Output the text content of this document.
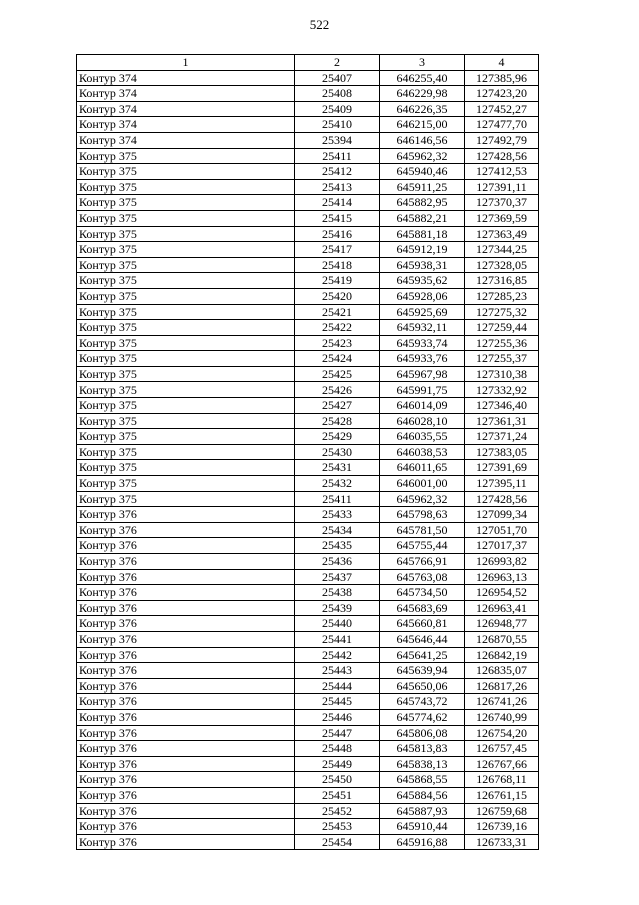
522
1	2	3	4
Контур 374	25407	646255,40	127385,96
Контур 374	25408	646229,98	127423,20
Контур 374	25409	646226,35	127452,27
Контур 374	25410	646215,00	127477,70
Контур 374	25394	646146,56	127492,79
Контур 375	25411	645962,32	127428,56
Контур 375	25412	645940,46	127412,53
Контур 375	25413	645911,25	127391,11
Контур 375	25414	645882,95	127370,37
Контур 375	25415	645882,21	127369,59
Контур 375	25416	645881,18	127363,49
Контур 375	25417	645912,19	127344,25
Контур 375	25418	645938,31	127328,05
Контур 375	25419	645935,62	127316,85
Контур 375	25420	645928,06	127285,23
Контур 375	25421	645925,69	127275,32
Контур 375	25422	645932,11	127259,44
Контур 375	25423	645933,74	127255,36
Контур 375	25424	645933,76	127255,37
Контур 375	25425	645967,98	127310,38
Контур 375	25426	645991,75	127332,92
Контур 375	25427	646014,09	127346,40
Контур 375	25428	646028,10	127361,31
Контур 375	25429	646035,55	127371,24
Контур 375	25430	646038,53	127383,05
Контур 375	25431	646011,65	127391,69
Контур 375	25432	646001,00	127395,11
Контур 375	25411	645962,32	127428,56
Контур 376	25433	645798,63	127099,34
Контур 376	25434	645781,50	127051,70
Контур 376	25435	645755,44	127017,37
Контур 376	25436	645766,91	126993,82
Контур 376	25437	645763,08	126963,13
Контур 376	25438	645734,50	126954,52
Контур 376	25439	645683,69	126963,41
Контур 376	25440	645660,81	126948,77
Контур 376	25441	645646,44	126870,55
Контур 376	25442	645641,25	126842,19
Контур 376	25443	645639,94	126835,07
Контур 376	25444	645650,06	126817,26
Контур 376	25445	645743,72	126741,26
Контур 376	25446	645774,62	126740,99
Контур 376	25447	645806,08	126754,20
Контур 376	25448	645813,83	126757,45
Контур 376	25449	645838,13	126767,66
Контур 376	25450	645868,55	126768,11
Контур 376	25451	645884,56	126761,15
Контур 376	25452	645887,93	126759,68
Контур 376	25453	645910,44	126739,16
Контур 376	25454	645916,88	126733,31
